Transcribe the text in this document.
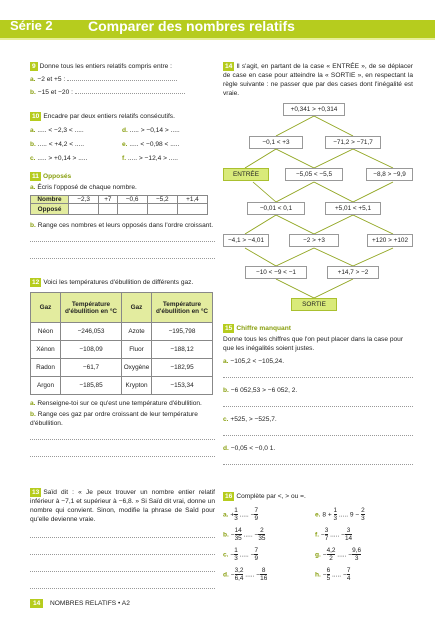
Série 2	Comparer des nombres relatifs

9 Donne tous les entiers relatifs compris entre :

a. −2 et +5 :

b. −15 et −20 :

10 Encadre par deux entiers relatifs consécutifs.

a. ..... < −2,3 < .....	d. ..... > −0,14 > .....
b. ..... < +4,2 < .....	e. ..... < −0,98 < .....
c. ..... > +0,14 > .....	f. ..... > −12,4 > .....

11 Opposés

a. Écris l'opposé de chaque nombre.

Nombre	−2,3	+7	−0,6	−5,2	+1,4
Opposé					

b. Range ces nombres et leurs opposés dans l'ordre croissant.

12 Voici les températures d'ébullition de différents gaz.

Gaz	Température d'ébullition en °C	Gaz	Température d'ébullition en °C
Néon	−246,053	Azote	−195,798
Xénon	−108,09	Fluor	−188,12
Radon	−61,7	Oxygène	−182,95
Argon	−185,85	Krypton	−153,34

a. Renseigne-toi sur ce qu'est une température d'ébullition.

b. Range ces gaz par ordre croissant de leur température d'ébullition.

13 Saïd dit : « Je peux trouver un nombre entier relatif inférieur à −7,1 et supérieur à −6,8. » Si Saïd dit vrai, donne un nombre qui convient. Sinon, modifie la phrase de Saïd pour qu'elle devienne vraie.

14 Il s'agit, en partant de la case « ENTRÉE », de se déplacer de case en case pour atteindre la « SORTIE », en respectant la règle suivante : ne passer que par des cases dont l'inégalité est vraie.

+0,341 > +0,314
−0,1 < +3	−71,2 > −71,7
ENTRÉE	−5,05 < −5,5	−8,8 > −9,9
−0,01 < 0,1	+5,01 < +5,1
−4,1 > −4,01	−2 > +3	+120 > +102
−10 < −9 < −1	+14,7 > −2
SORTIE

15 Chiffre manquant

Donne tous les chiffres que l'on peut placer dans la case pour que les inégalités soient justes.

a. −105,2 < −105,24.

b. −6 052,53 > −6 052, 2.

c. +525, > −525,7.

d. −0,05 < −0,0 1.

16 Complète par <, > ou =.

a. + $\frac{1}{3}$ ..... − $\frac{7}{9}$	e. $8 + \frac{1}{3}$ ..... $9 - \frac{2}{3}$
b. − $\frac{14}{35}$ ..... − $\frac{2}{35}$	f. − $\frac{3}{7}$ ..... − $\frac{3}{14}$
c. − $\frac{1}{3}$ ..... − $\frac{7}{9}$	g. − $\frac{4,2}{2}$ ..... − $\frac{9,6}{3}$
d. − $\frac{3,2}{6,4}$ ..... − $\frac{8}{16}$	h. − $\frac{6}{5}$ ..... − $\frac{7}{4}$
14	NOMBRES RELATIFS • A2
